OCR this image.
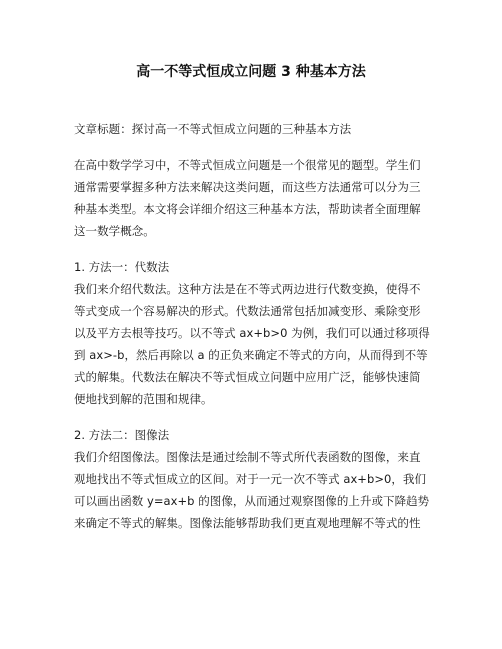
高一不等式恒成立问题 3 种基本方法
文章标题：探讨高一不等式恒成立问题的三种基本方法
在高中数学学习中，不等式恒成立问题是一个很常见的题型。学生们
通常需要掌握多种方法来解决这类问题，而这些方法通常可以分为三
种基本类型。本文将会详细介绍这三种基本方法，帮助读者全面理解
这一数学概念。
1. 方法一：代数法
我们来介绍代数法。这种方法是在不等式两边进行代数变换，使得不
等式变成一个容易解决的形式。代数法通常包括加减变形、乘除变形
以及平方去根等技巧。以不等式 ax+b>0 为例，我们可以通过移项得
到 ax>-b，然后再除以 a 的正负来确定不等式的方向，从而得到不等
式的解集。代数法在解决不等式恒成立问题中应用广泛，能够快速简
便地找到解的范围和规律。
2. 方法二：图像法
我们介绍图像法。图像法是通过绘制不等式所代表函数的图像，来直
观地找出不等式恒成立的区间。对于一元一次不等式 ax+b>0，我们
可以画出函数 y=ax+b 的图像，从而通过观察图像的上升或下降趋势
来确定不等式的解集。图像法能够帮助我们更直观地理解不等式的性
